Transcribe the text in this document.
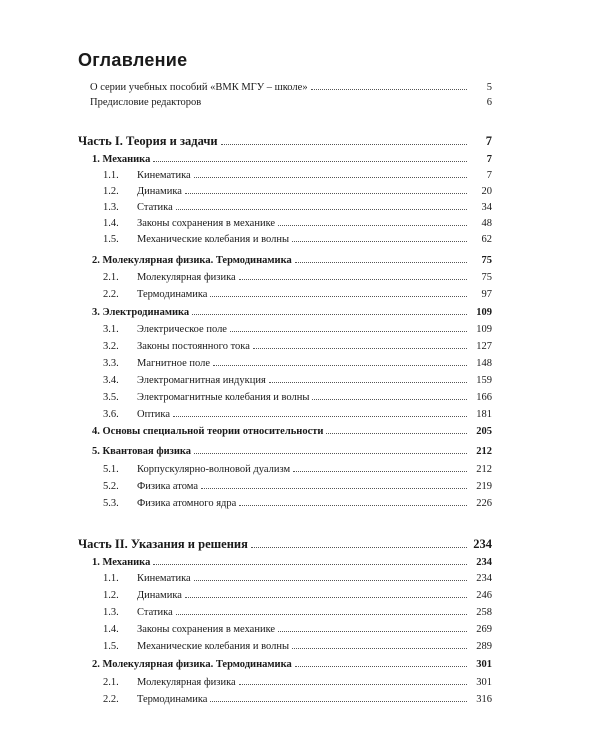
Оглавление
О серии учебных пособий «ВМК МГУ – школе»	5
Предисловие редакторов	6
Часть I. Теория и задачи	7
1. Механика	7
1.1.	Кинематика	7
1.2.	Динамика	20
1.3.	Статика	34
1.4.	Законы сохранения в механике	48
1.5.	Механические колебания и волны	62
2. Молекулярная физика. Термодинамика	75
2.1.	Молекулярная физика	75
2.2.	Термодинамика	97
3. Электродинамика	109
3.1.	Электрическое поле	109
3.2.	Законы постоянного тока	127
3.3.	Магнитное поле	148
3.4.	Электромагнитная индукция	159
3.5.	Электромагнитные колебания и волны	166
3.6.	Оптика	181
4. Основы специальной теории относительности	205
5. Квантовая физика	212
5.1.	Корпускулярно-волновой дуализм	212
5.2.	Физика атома	219
5.3.	Физика атомного ядра	226
Часть II. Указания и решения	234
1. Механика	234
1.1.	Кинематика	234
1.2.	Динамика	246
1.3.	Статика	258
1.4.	Законы сохранения в механике	269
1.5.	Механические колебания и волны	289
2. Молекулярная физика. Термодинамика	301
2.1.	Молекулярная физика	301
2.2.	Термодинамика	316
